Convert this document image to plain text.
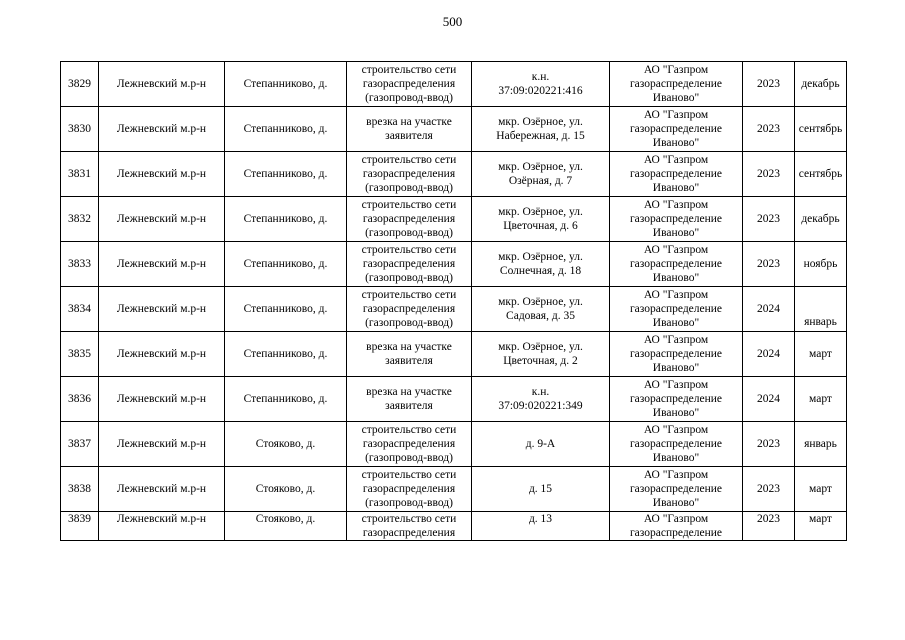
500
3829	Лежневский м.р-н	Степанниково, д.	строительство сети
газораспределения
(газопровод-ввод)	к.н.
37:09:020221:416	АО "Газпром
газораспределение
Иваново"	2023	декабрь
3830	Лежневский м.р-н	Степанниково, д.	врезка на участке
заявителя	мкр. Озёрное, ул.
Набережная, д. 15	АО "Газпром
газораспределение
Иваново"	2023	сентябрь
3831	Лежневский м.р-н	Степанниково, д.	строительство сети
газораспределения
(газопровод-ввод)	мкр. Озёрное, ул.
Озёрная, д. 7	АО "Газпром
газораспределение
Иваново"	2023	сентябрь
3832	Лежневский м.р-н	Степанниково, д.	строительство сети
газораспределения
(газопровод-ввод)	мкр. Озёрное, ул.
Цветочная, д. 6	АО "Газпром
газораспределение
Иваново"	2023	декабрь
3833	Лежневский м.р-н	Степанниково, д.	строительство сети
газораспределения
(газопровод-ввод)	мкр. Озёрное, ул.
Солнечная, д. 18	АО "Газпром
газораспределение
Иваново"	2023	ноябрь
3834	Лежневский м.р-н	Степанниково, д.	строительство сети
газораспределения
(газопровод-ввод)	мкр. Озёрное, ул.
Садовая, д. 35	АО "Газпром
газораспределение
Иваново"	2024	январь
3835	Лежневский м.р-н	Степанниково, д.	врезка на участке
заявителя	мкр. Озёрное, ул.
Цветочная, д. 2	АО "Газпром
газораспределение
Иваново"	2024	март
3836	Лежневский м.р-н	Степанниково, д.	врезка на участке
заявителя	к.н.
37:09:020221:349	АО "Газпром
газораспределение
Иваново"	2024	март
3837	Лежневский м.р-н	Стояково, д.	строительство сети
газораспределения
(газопровод-ввод)	д. 9-А	АО "Газпром
газораспределение
Иваново"	2023	январь
3838	Лежневский м.р-н	Стояково, д.	строительство сети
газораспределения
(газопровод-ввод)	д. 15	АО "Газпром
газораспределение
Иваново"	2023	март
3839	Лежневский м.р-н	Стояково, д.	строительство сети
газораспределения	д. 13	АО "Газпром
газораспределение	2023	март
